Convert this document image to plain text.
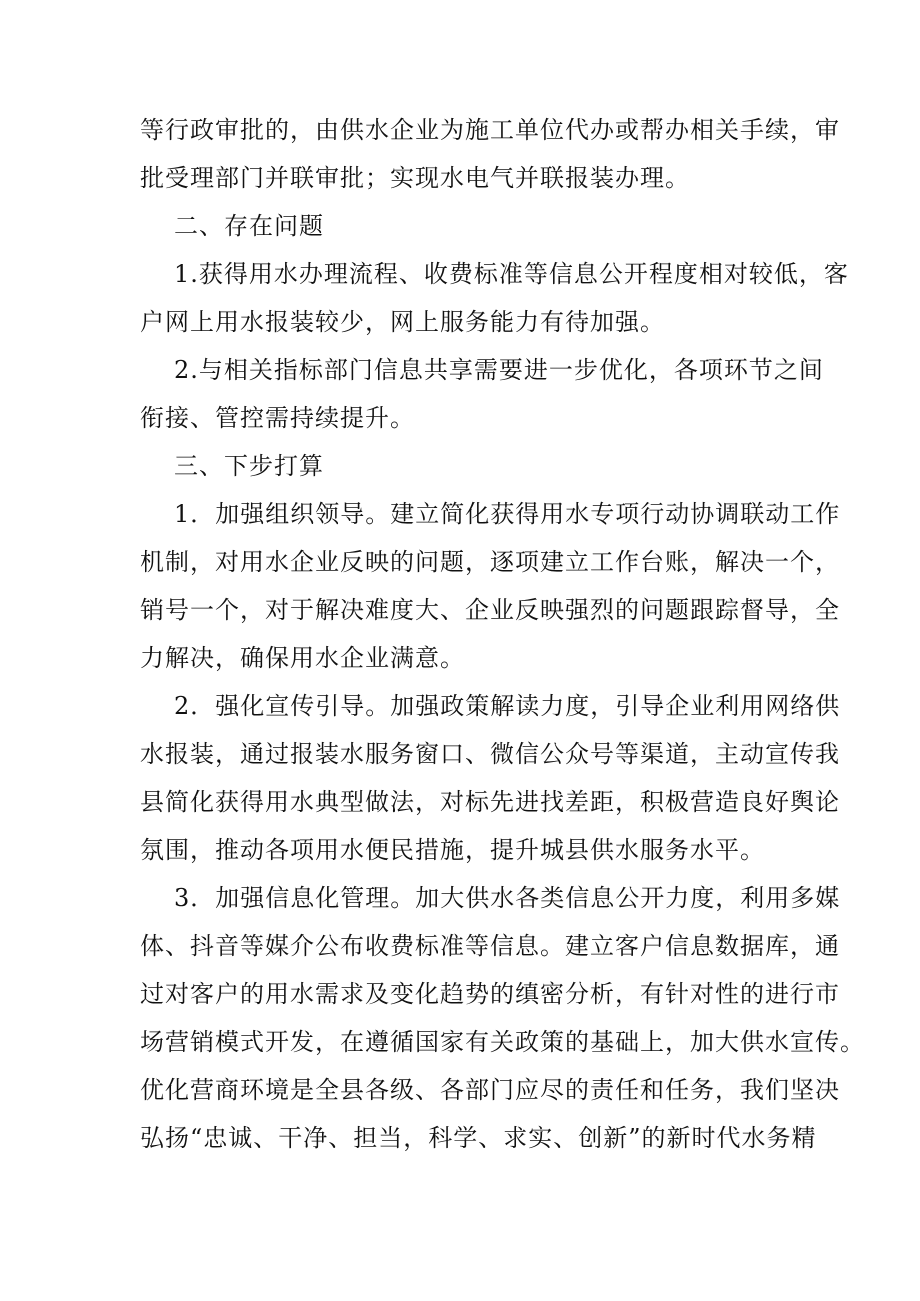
等行政审批的，由供水企业为施工单位代办或帮办相关手续，审
批受理部门并联审批；实现水电气并联报装办理。
二、存在问题
1.获得用水办理流程、收费标准等信息公开程度相对较低，客
户网上用水报装较少，网上服务能力有待加强。
2.与相关指标部门信息共享需要进一步优化，各项环节之间
衔接、管控需持续提升。
三、下步打算
1．加强组织领导。建立简化获得用水专项行动协调联动工作
机制，对用水企业反映的问题，逐项建立工作台账，解决一个，
销号一个，对于解决难度大、企业反映强烈的问题跟踪督导，全
力解决，确保用水企业满意。
2．强化宣传引导。加强政策解读力度，引导企业利用网络供
水报装，通过报装水服务窗口、微信公众号等渠道，主动宣传我
县简化获得用水典型做法，对标先进找差距，积极营造良好舆论
氛围，推动各项用水便民措施，提升城县供水服务水平。
3．加强信息化管理。加大供水各类信息公开力度，利用多媒
体、抖音等媒介公布收费标准等信息。建立客户信息数据库，通
过对客户的用水需求及变化趋势的缜密分析，有针对性的进行市
场营销模式开发，在遵循国家有关政策的基础上，加大供水宣传。
优化营商环境是全县各级、各部门应尽的责任和任务，我们坚决
弘扬“忠诚、干净、担当，科学、求实、创新”的新时代水务精
